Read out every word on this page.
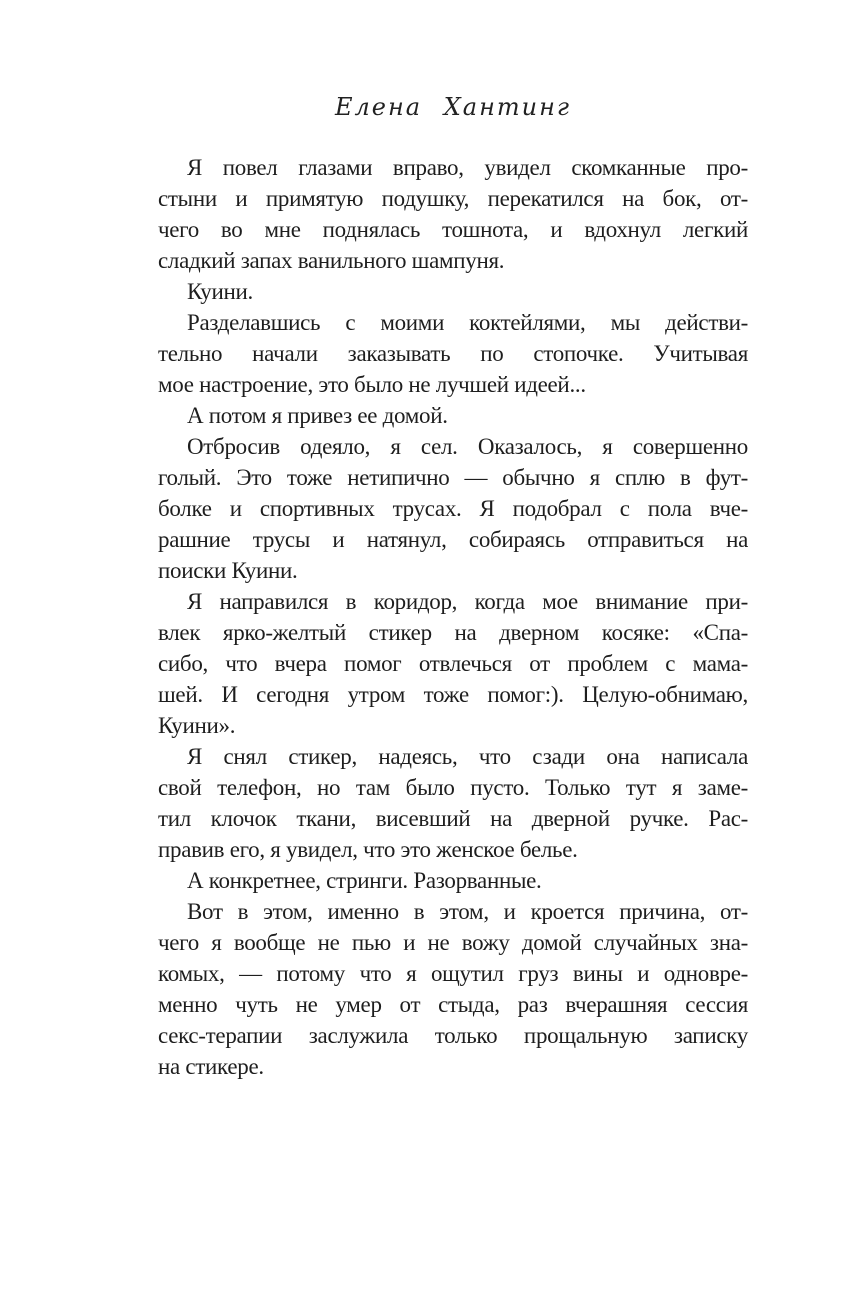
Елена Хантинг

Я повел глазами вправо, увидел скомканные про-
стыни и примятую подушку, перекатился на бок, от-
чего во мне поднялась тошнота, и вдохнул легкий
сладкий запах ванильного шампуня.

Куини.

Разделавшись с моими коктейлями, мы действи-
тельно начали заказывать по стопочке. Учитывая
мое настроение, это было не лучшей идеей...

А потом я привез ее домой.

Отбросив одеяло, я сел. Оказалось, я совершенно
голый. Это тоже нетипично — обычно я сплю в фут-
болке и спортивных трусах. Я подобрал с пола вче-
рашние трусы и натянул, собираясь отправиться на
поиски Куини.

Я направился в коридор, когда мое внимание при-
влек ярко-желтый стикер на дверном косяке: «Спа-
сибо, что вчера помог отвлечься от проблем с мама-
шей. И сегодня утром тоже помог:). Целую-обнимаю,
Куини».

Я снял стикер, надеясь, что сзади она написала
свой телефон, но там было пусто. Только тут я заме-
тил клочок ткани, висевший на дверной ручке. Рас-
правив его, я увидел, что это женское белье.

А конкретнее, стринги. Разорванные.

Вот в этом, именно в этом, и кроется причина, от-
чего я вообще не пью и не вожу домой случайных зна-
комых, — потому что я ощутил груз вины и одновре-
менно чуть не умер от стыда, раз вчерашняя сессия
секс-терапии заслужила только прощальную записку
на стикере.
